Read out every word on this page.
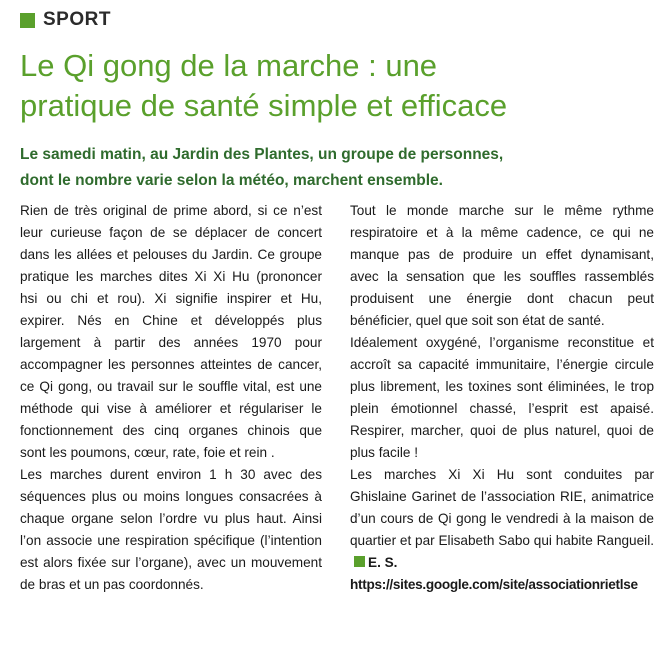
SPORT
Le Qi gong de la marche : une
pratique de santé simple et efficace
Le samedi matin, au Jardin des Plantes, un groupe de personnes,
dont le nombre varie selon la météo, marchent ensemble.

Rien de très original de prime abord, si ce n’est leur curieuse façon de se déplacer de concert dans les allées et pelouses du Jardin. Ce groupe pratique les marches dites Xi Xi Hu (prononcer hsi ou chi et rou). Xi signifie inspirer et Hu, expirer. Nés en Chine et développés plus largement à partir des années 1970 pour accompagner les personnes atteintes de cancer, ce Qi gong, ou travail sur le souffle vital, est une méthode qui vise à améliorer et régulariser le fonctionnement des cinq organes chinois que sont les poumons, cœur, rate, foie et rein .

Les marches durent environ 1 h 30 avec des séquences plus ou moins longues consacrées à chaque organe selon l’ordre vu plus haut. Ainsi l’on associe une respiration spécifique (l’intention est alors fixée sur l’organe), avec un mouvement de bras et un pas coordonnés.

Tout le monde marche sur le même rythme respiratoire et à la même cadence, ce qui ne manque pas de produire un effet dynamisant, avec la sensation que les souffles rassemblés produisent une énergie dont chacun peut bénéficier, quel que soit son état de santé.

Idéalement oxygéné, l’organisme reconstitue et accroît sa capacité immunitaire, l’énergie circule plus librement, les toxines sont éliminées, le trop plein émotionnel chassé, l’esprit est apaisé. Respirer, marcher, quoi de plus naturel, quoi de plus facile !

Les marches Xi Xi Hu sont conduites par Ghislaine Garinet de l’association RIE, animatrice d’un cours de Qi gong le vendredi à la maison de quartier et par Elisabeth Sabo qui habite Rangueil. E. S.

https://sites.google.com/site/associationrietlse
